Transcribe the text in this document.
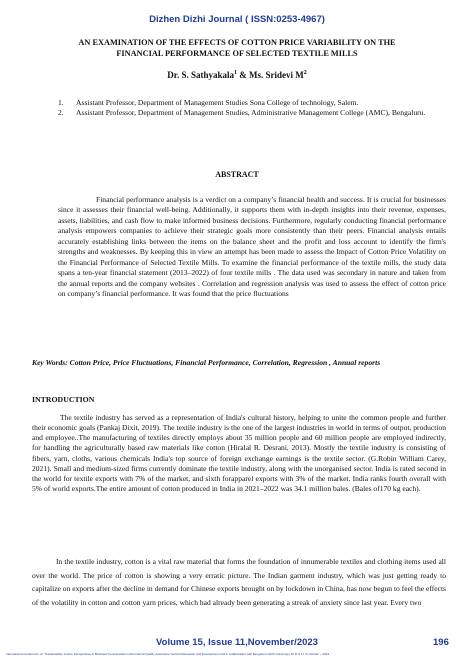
Dizhen Dizhi Journal ( ISSN:0253-4967)
AN EXAMINATION OF THE EFFECTS OF COTTON PRICE VARIABILITY ON THE
FINANCIAL PERFORMANCE OF SELECTED TEXTILE MILLS
Dr. S. Sathyakala$^1$ & Ms. Sridevi $M^2$
1.	Assistant Professor, Department of Management Studies Sona College of technology, Salem.
2.	Assistant Professor, Department of Management Studies, Administrative Management College (AMC), Bengaluru.
ABSTRACT

Financial performance analysis is a verdict on a company’s financial health and success. It is crucial for businesses since it assesses their financial well-being. Additionally, it supports them with in-depth insights into their revenue, expenses, assets, liabilities, and cash flow to make informed business decisions. Furthermore, regularly conducting financial performance analysis empowers companies to achieve their strategic goals more consistently than their peers. Financial analysis entails accurately establishing links between the items on the balance sheet and the profit and loss account to identify the firm's strengths and weaknesses. By keeping this in view an attempt has been made to assess the Impact of Cotton Price Volatility on the Financial Performance of Selected Textile Mills. To examine the financial performance of the textile mills, the study data spans a ten-year financial statement (2013–2022) of four textile mills . The data used was secondary in nature and taken from the annual reports and the company websites . Correlation and regression analysis was used to assess the effect of cotton price on company’s financial performance. It was found that the price fluctuations

Key Words: Cotton Price, Price Fluctuations, Financial Performance, Correlation, Regression , Annual reports
INTRODUCTION

The textile industry has served as a representation of India's cultural history, helping to unite the common people and further their economic goals (Pankaj Dixit, 2019). The textile industry is the one of the largest industries in world in terms of output, production and employee..The manufacturing of textiles directly employs about 35 million people and 60 million people are employed indirectly, for handling the agriculturally based raw materials like cotton (Hiralal R. Desrani, 2013). Mostly the textile industry is consisting of fibers, yarn, cloths, various chemicals India's top source of foreign exchange earnings is the textile sector. (G.Robin William Carey, 2021). Small and medium-sized firms currently dominate the textile industry, along with the unorganised sector. India is rated second in the world for textile exports with 7% of the market, and sixth forapparel exports with 3% of the market. India ranks fourth overall with 5% of world exports.The entire amount of cotton produced in India in 2021–2022 was 34.1 million bales. (Bales of170 kg each).

In the textile industry, cotton is a vital raw material that forms the foundation of innumerable textiles and clothing items used all over the world. The price of cotton is showing a very erratic picture. The Indian garment industry, which was just getting ready to capitalize on exports after the decline in demand for Chinese exports brought on by lockdown in China, has now begun to feel the effects of the volatility in cotton and cotton yarn prices, which had already been generating a streak of anxiety since last year. Every two

Volume 15, Issue 11,November/2023	196
International Conference on "Sustainability: Future Perspectives in Business"(In association with Internal Quality Assurance Cell And Research and Development cell in collaboration with Bengaluru North University) 16 th & 17 th October – 2023
